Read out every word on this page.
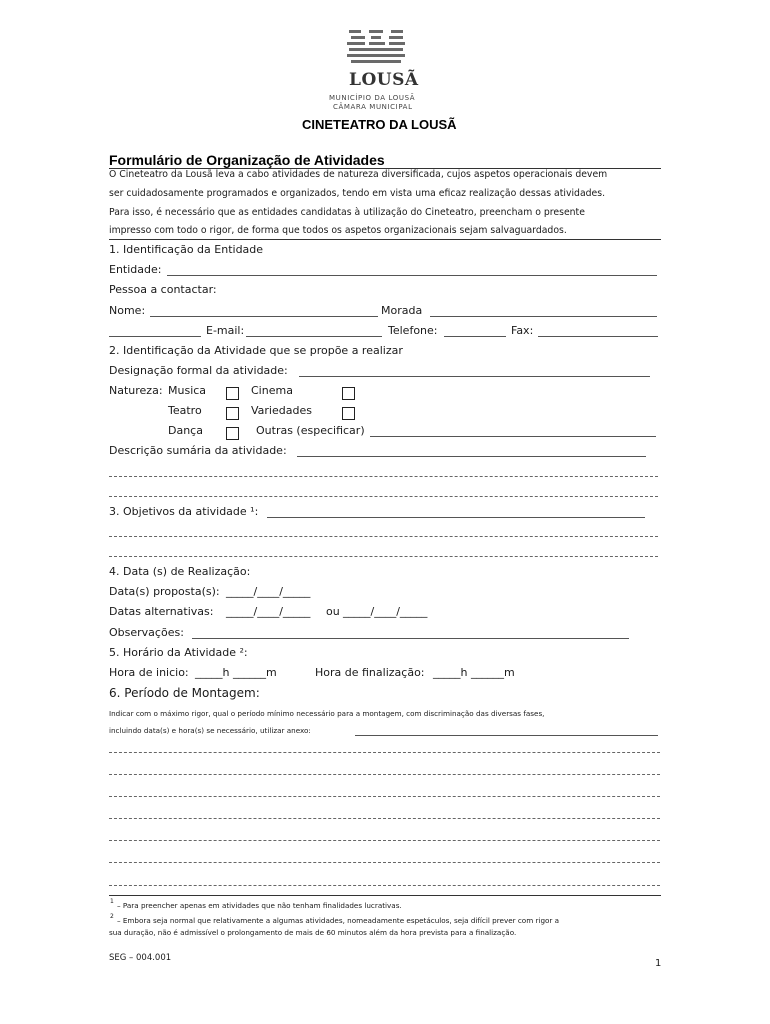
LOUSÃ
MUNICÍPIO DA LOUSÃ
CÂMARA MUNICIPAL
CINETEATRO DA LOUSÃ
Formulário de Organização de Atividades
O Cineteatro da Lousã leva a cabo atividades de natureza diversificada, cujos aspetos operacionais devem
ser cuidadosamente programados e organizados, tendo em vista uma eficaz realização dessas atividades.
Para isso, é necessário que as entidades candidatas à utilização do Cineteatro, preencham o presente
impresso com todo o rigor, de forma que todos os aspetos organizacionais sejam salvaguardados.
1. Identificação da Entidade
Entidade:
Pessoa a contactar:
Nome:	Morada
E-mail:	Telefone:	Fax:
2. Identificação da Atividade que se propõe a realizar
Designação formal da atividade:
Natureza: Musica	Cinema
Teatro	Variedades
Dança	Outras (especificar)
Descrição sumária da atividade:
3. Objetivos da atividade ¹:
4. Data (s) de Realização:
Data(s) proposta(s): _____/____/_____
Datas alternativas: _____/____/_____ ou _____/____/_____
Observações:
5. Horário da Atividade ²:
Hora de inicio: _____h ______m	Hora de finalização: _____h ______m
6. Período de Montagem:
Indicar com o máximo rigor, qual o período mínimo necessário para a montagem, com discriminação das diversas fases,
incluindo data(s) e hora(s) se necessário, utilizar anexo:
1 – Para preencher apenas em atividades que não tenham finalidades lucrativas.
2 – Embora seja normal que relativamente a algumas atividades, nomeadamente espetáculos, seja difícil prever com rigor a
sua duração, não é admissível o prolongamento de mais de 60 minutos além da hora prevista para a finalização.
SEG – 004.001	1
